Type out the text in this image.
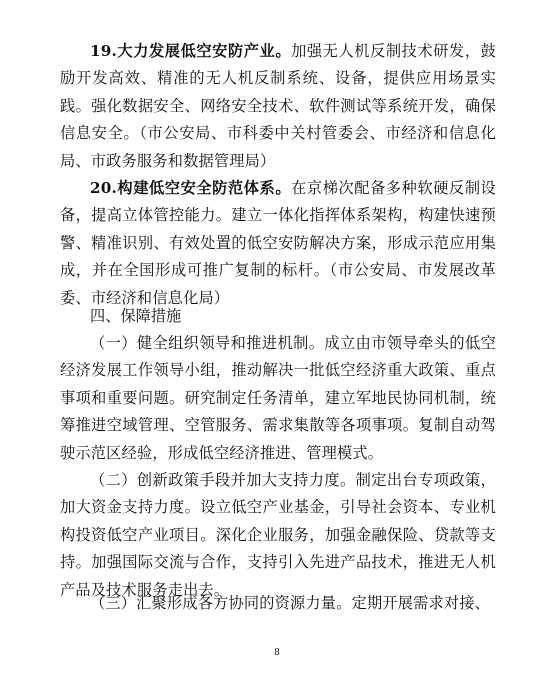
19.大力发展低空安防产业。加强无人机反制技术研发，鼓励开发高效、精准的无人机反制系统、设备，提供应用场景实践。强化数据安全、网络安全技术、软件测试等系统开发，确保信息安全。（市公安局、市科委中关村管委会、市经济和信息化局、市政务服务和数据管理局）

20.构建低空安全防范体系。在京梯次配备多种软硬反制设备，提高立体管控能力。建立一体化指挥体系架构，构建快速预警、精准识别、有效处置的低空安防解决方案，形成示范应用集成，并在全国形成可推广复制的标杆。（市公安局、市发展改革委、市经济和信息化局）

四、保障措施

（一）健全组织领导和推进机制。成立由市领导牵头的低空经济发展工作领导小组，推动解决一批低空经济重大政策、重点事项和重要问题。研究制定任务清单，建立军地民协同机制，统筹推进空域管理、空管服务、需求集散等各项事项。复制自动驾驶示范区经验，形成低空经济推进、管理模式。

（二）创新政策手段并加大支持力度。制定出台专项政策，加大资金支持力度。设立低空产业基金，引导社会资本、专业机构投资低空产业项目。深化企业服务，加强金融保险、贷款等支持。加强国际交流与合作，支持引入先进产品技术，推进无人机产品及技术服务走出去。

（三）汇聚形成各方协同的资源力量。定期开展需求对接、

8
